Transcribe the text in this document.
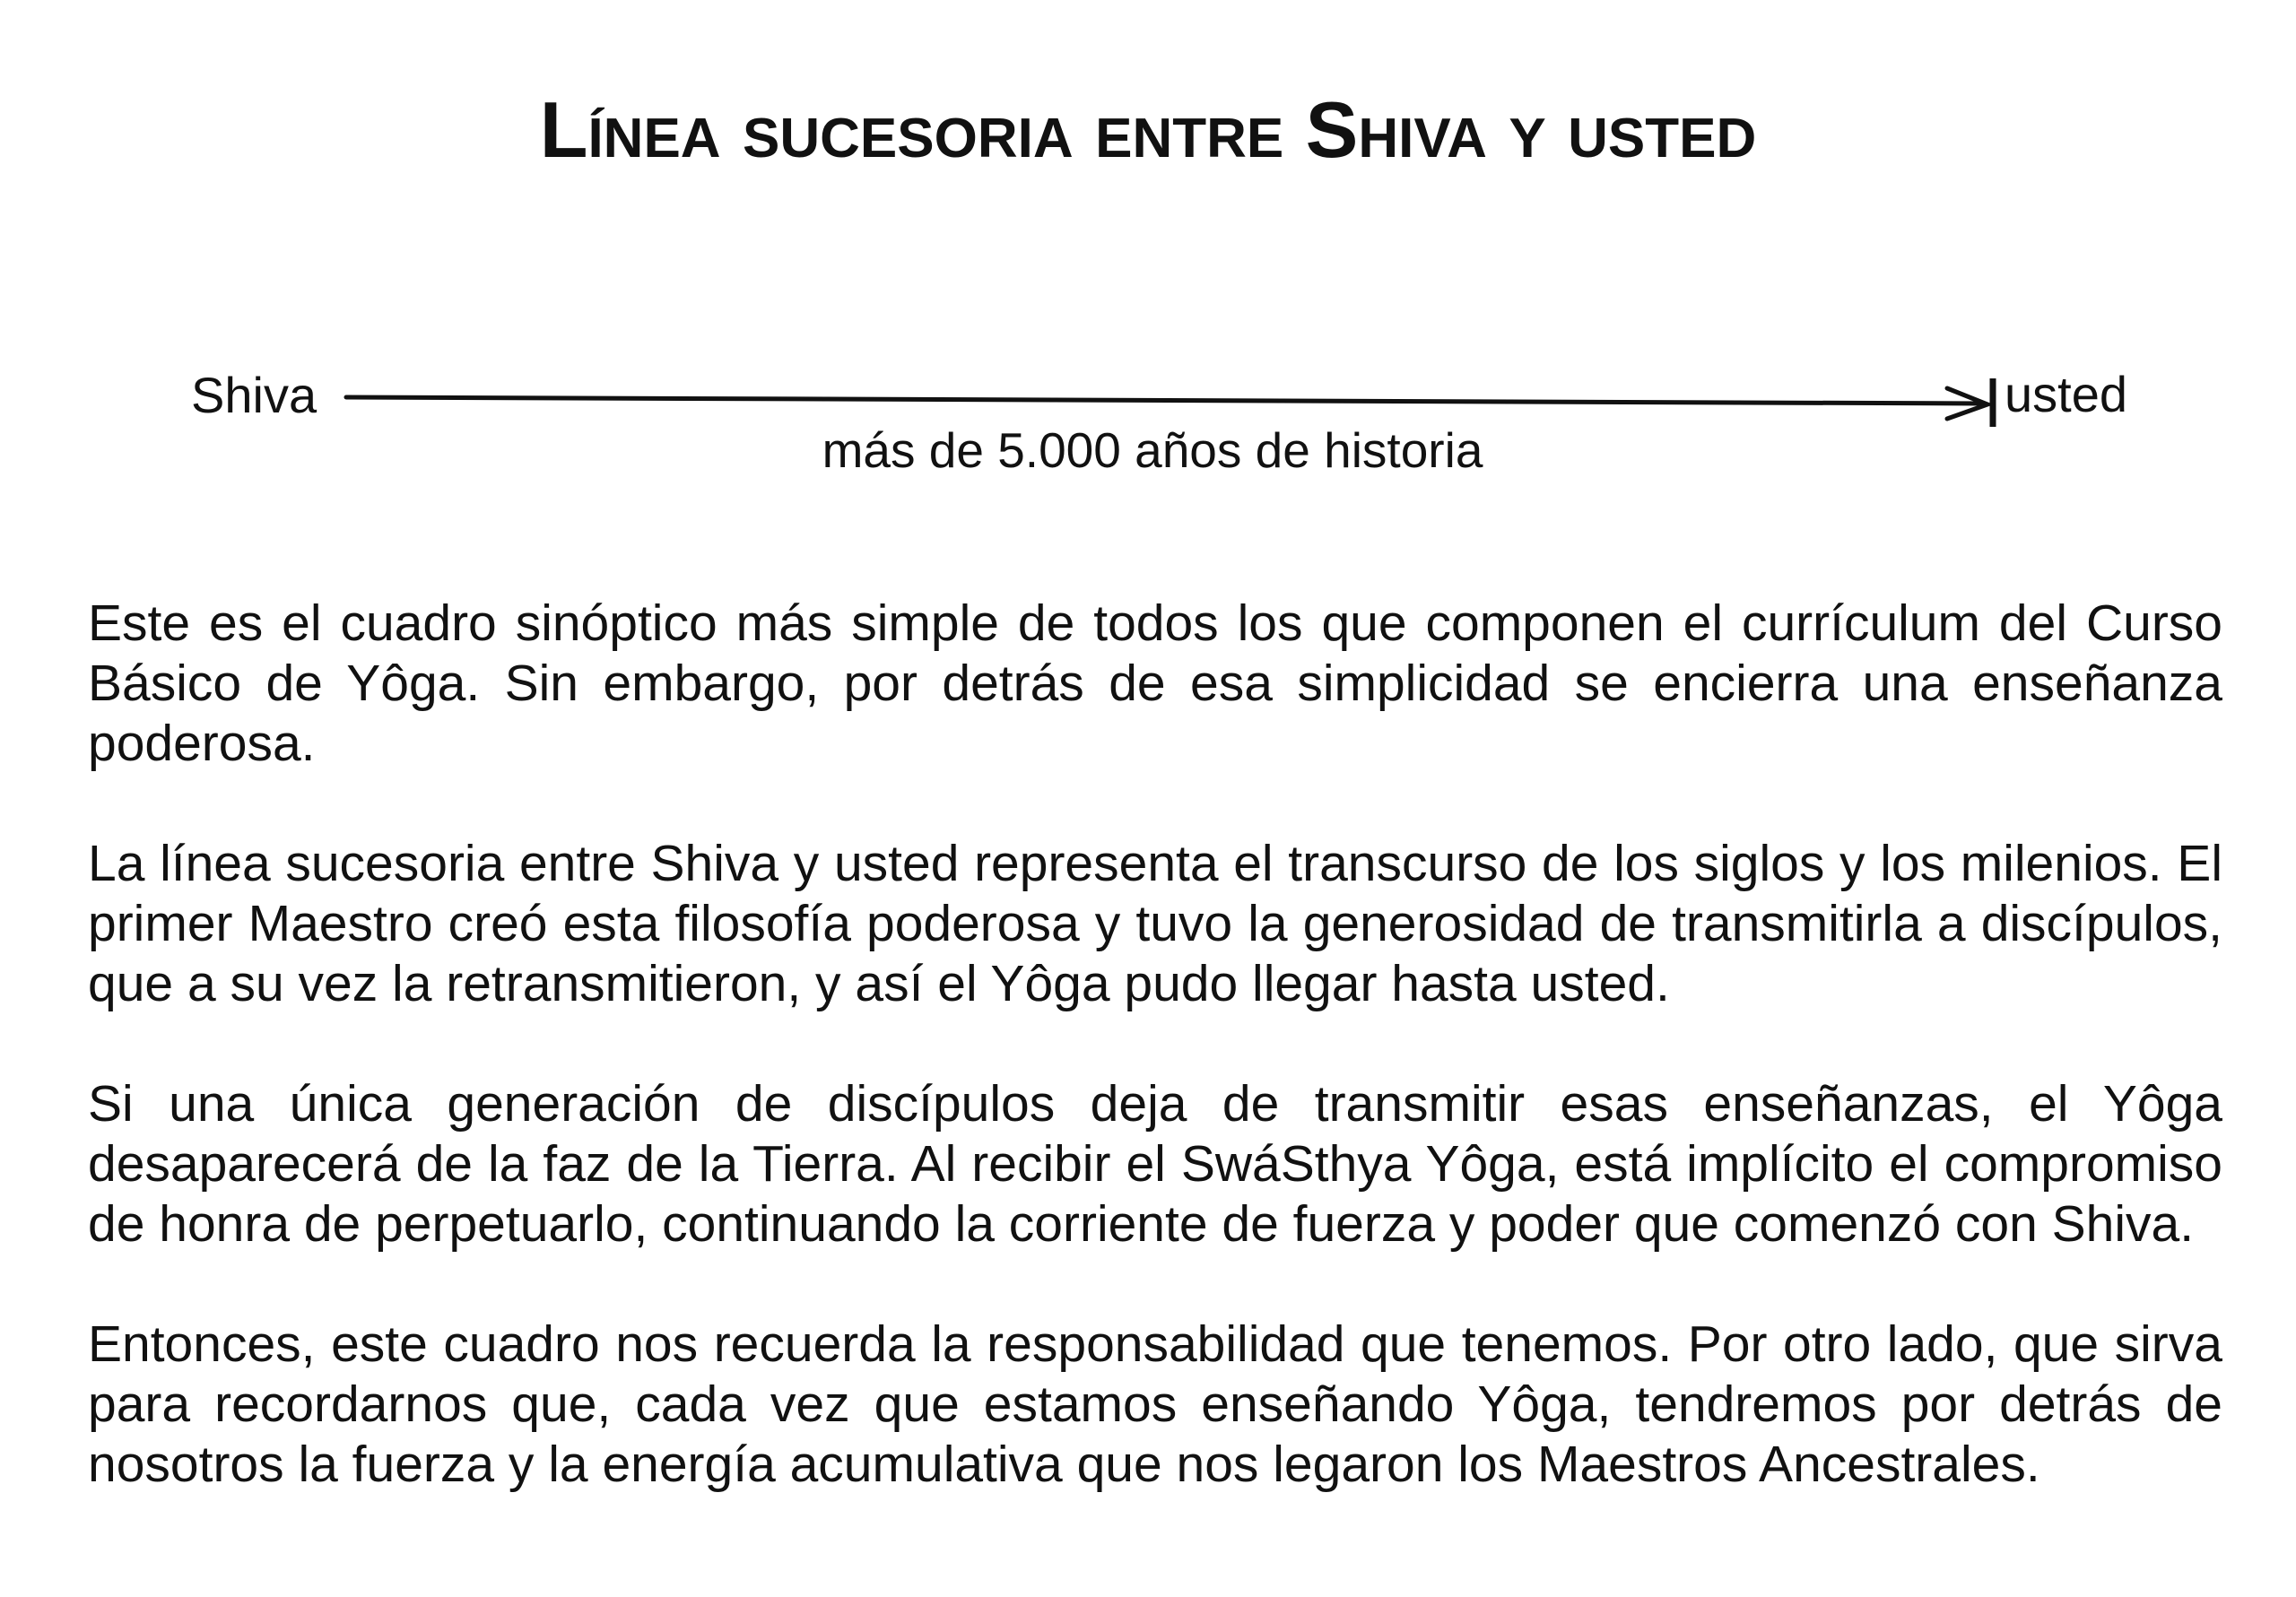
Línea sucesoria entre Shiva y usted
Shiva	usted
más de 5.000 años de historia
Este es el cuadro sinóptico más simple de todos los que componen el currículum del Curso
Básico de Yôga. Sin embargo, por detrás de esa simplicidad se encierra una enseñanza
poderosa.
La línea sucesoria entre Shiva y usted representa el transcurso de los siglos y los milenios. El
primer Maestro creó esta filosofía poderosa y tuvo la generosidad de transmitirla a discípulos,
que a su vez la retransmitieron, y así el Yôga pudo llegar hasta usted.
Si una única generación de discípulos deja de transmitir esas enseñanzas, el Yôga
desaparecerá de la faz de la Tierra. Al recibir el SwáSthya Yôga, está implícito el compromiso
de honra de perpetuarlo, continuando la corriente de fuerza y poder que comenzó con Shiva.
Entonces, este cuadro nos recuerda la responsabilidad que tenemos. Por otro lado, que sirva
para recordarnos que, cada vez que estamos enseñando Yôga, tendremos por detrás de
nosotros la fuerza y la energía acumulativa que nos legaron los Maestros Ancestrales.
